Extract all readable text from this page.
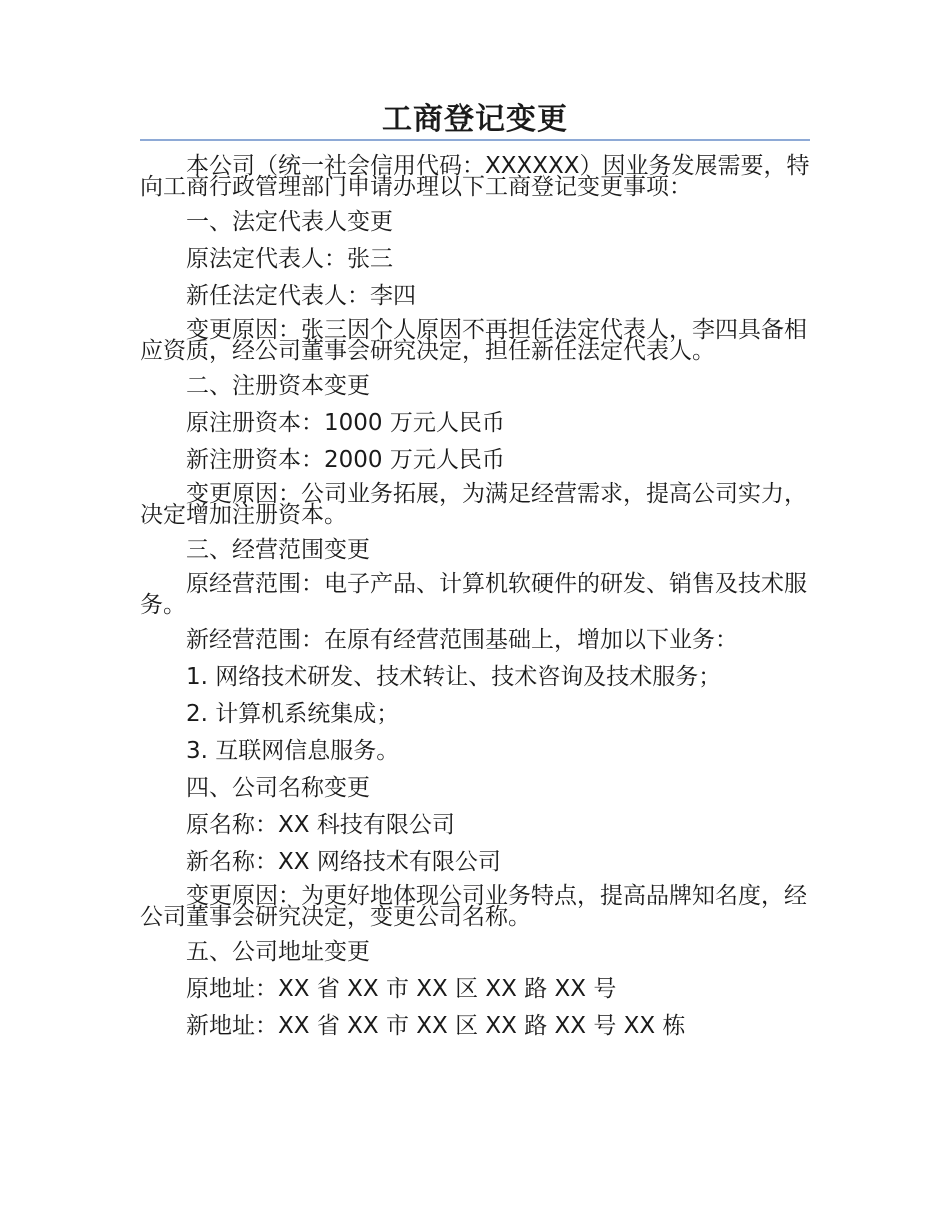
工商登记变更

本公司（统一社会信用代码：XXXXXX）因业务发展需要，特向工商行政管理部门申请办理以下工商登记变更事项：

一、法定代表人变更

原法定代表人：张三

新任法定代表人：李四

变更原因：张三因个人原因不再担任法定代表人，李四具备相应资质，经公司董事会研究决定，担任新任法定代表人。

二、注册资本变更

原注册资本：1000 万元人民币

新注册资本：2000 万元人民币

变更原因：公司业务拓展，为满足经营需求，提高公司实力，决定增加注册资本。

三、经营范围变更

原经营范围：电子产品、计算机软硬件的研发、销售及技术服务。

新经营范围：在原有经营范围基础上，增加以下业务：

1. 网络技术研发、技术转让、技术咨询及技术服务；

2. 计算机系统集成；

3. 互联网信息服务。

四、公司名称变更

原名称：XX 科技有限公司

新名称：XX 网络技术有限公司

变更原因：为更好地体现公司业务特点，提高品牌知名度，经公司董事会研究决定，变更公司名称。

五、公司地址变更

原地址：XX 省 XX 市 XX 区 XX 路 XX 号

新地址：XX 省 XX 市 XX 区 XX 路 XX 号 XX 栋
